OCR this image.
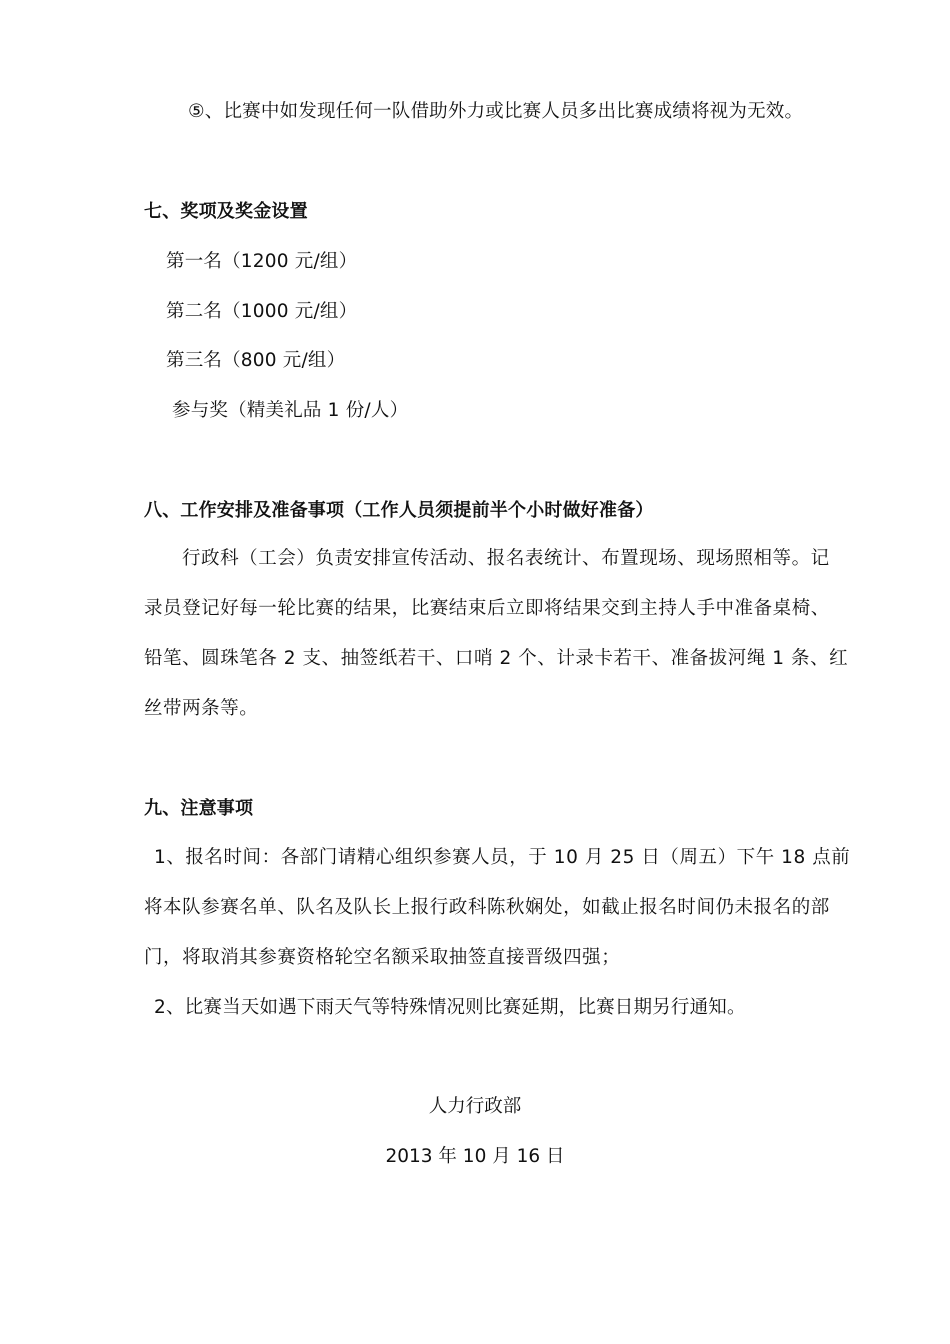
⑤、比赛中如发现任何一队借助外力或比赛人员多出比赛成绩将视为无效。
七、奖项及奖金设置
第一名（1200 元/组）
第二名（1000 元/组）
第三名（800 元/组）
参与奖（精美礼品 1 份/人）
八、工作安排及准备事项（工作人员须提前半个小时做好准备）
行政科（工会）负责安排宣传活动、报名表统计、布置现场、现场照相等。记
录员登记好每一轮比赛的结果，比赛结束后立即将结果交到主持人手中准备桌椅、
铅笔、圆珠笔各 2 支、抽签纸若干、口哨 2 个、计录卡若干、准备拔河绳 1 条、红
丝带两条等。
九、注意事项
1、报名时间：各部门请精心组织参赛人员，于 10 月 25 日（周五）下午 18 点前
将本队参赛名单、队名及队长上报行政科陈秋娴处，如截止报名时间仍未报名的部
门，将取消其参赛资格轮空名额采取抽签直接晋级四强；
2、比赛当天如遇下雨天气等特殊情况则比赛延期，比赛日期另行通知。
人力行政部
2013 年 10 月 16 日
